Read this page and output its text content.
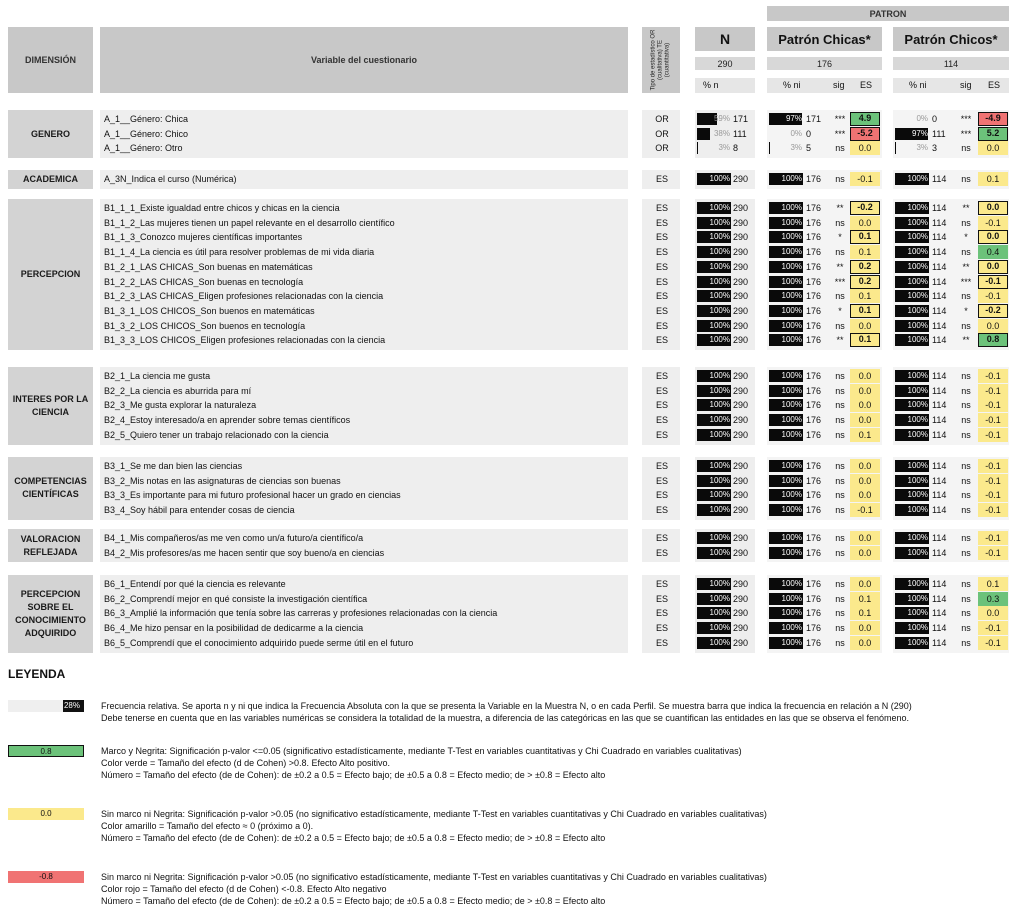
PATRON
DIMENSIÓN	Variable del cuestionario	Tipo de estadístico OR (cualitativa) TE (cuantitativa)
N	Patrón Chicas*	Patrón Chicos*
290	176	114
% n	% ni	sig ES	% ni	sig ES
GENERO
A_1__Género: Chica	OR	59% 171	97% 171	***	4.9	0% 0	***	-4.9
A_1__Género: Chico	OR	38% 111	0% 0	***	-5.2	97% 111	***	5.2
A_1__Género: Otro	OR	3% 8	3% 5	ns	0.0	3% 3	ns	0.0
ACADEMICA	A_3N_Indica el curso (Numérica)	ES	100% 290	100% 176	ns	-0.1	100% 114	ns	0.1
PERCEPCION
B1_1_1_Existe igualdad entre chicos y chicas en la ciencia	ES	100% 290	100% 176	**	-0.2	100% 114	**	0.0
B1_1_2_Las mujeres tienen un papel relevante en el desarrollo científico	ES	100% 290	100% 176	ns	0.0	100% 114	ns	-0.1
B1_1_3_Conozco mujeres científicas importantes	ES	100% 290	100% 176	*	0.1	100% 114	*	0.0
B1_1_4_La ciencia es útil para resolver problemas de mi vida diaria	ES	100% 290	100% 176	ns	0.1	100% 114	ns	0.4
B1_2_1_LAS CHICAS_Son buenas en matemáticas	ES	100% 290	100% 176	**	0.2	100% 114	**	0.0
B1_2_2_LAS CHICAS_Son buenas en tecnología	ES	100% 290	100% 176	***	0.2	100% 114	***	-0.1
B1_2_3_LAS CHICAS_Eligen profesiones relacionadas con la ciencia	ES	100% 290	100% 176	ns	0.1	100% 114	ns	-0.1
B1_3_1_LOS CHICOS_Son buenos en matemáticas	ES	100% 290	100% 176	*	0.1	100% 114	*	-0.2
B1_3_2_LOS CHICOS_Son buenos en tecnología	ES	100% 290	100% 176	ns	0.0	100% 114	ns	0.0
B1_3_3_LOS CHICOS_Eligen profesiones relacionadas con la ciencia	ES	100% 290	100% 176	**	0.1	100% 114	**	0.8
INTERES POR LA CIENCIA
B2_1_La ciencia me gusta	ES	100% 290	100% 176	ns	0.0	100% 114	ns	-0.1
B2_2_La ciencia es aburrida para mí	ES	100% 290	100% 176	ns	0.0	100% 114	ns	-0.1
B2_3_Me gusta explorar la naturaleza	ES	100% 290	100% 176	ns	0.0	100% 114	ns	-0.1
B2_4_Estoy interesado/a en aprender sobre temas científicos	ES	100% 290	100% 176	ns	0.0	100% 114	ns	-0.1
B2_5_Quiero tener un trabajo relacionado con la ciencia	ES	100% 290	100% 176	ns	0.1	100% 114	ns	-0.1
COMPETENCIAS CIENTÍFICAS
B3_1_Se me dan bien las ciencias	ES	100% 290	100% 176	ns	0.0	100% 114	ns	-0.1
B3_2_Mis notas en las asignaturas de ciencias son buenas	ES	100% 290	100% 176	ns	0.0	100% 114	ns	-0.1
B3_3_Es importante para mi futuro profesional hacer un grado en ciencias	ES	100% 290	100% 176	ns	0.0	100% 114	ns	-0.1
B3_4_Soy hábil para entender cosas de ciencia	ES	100% 290	100% 176	ns	-0.1	100% 114	ns	-0.1
VALORACION REFLEJADA
B4_1_Mis compañeros/as me ven como un/a futuro/a científico/a	ES	100% 290	100% 176	ns	0.0	100% 114	ns	-0.1
B4_2_Mis profesores/as me hacen sentir que soy bueno/a en ciencias	ES	100% 290	100% 176	ns	0.0	100% 114	ns	-0.1
PERCEPCION SOBRE EL CONOCIMIENTO ADQUIRIDO
B6_1_Entendí por qué la ciencia es relevante	ES	100% 290	100% 176	ns	0.0	100% 114	ns	0.1
B6_2_Comprendí mejor en qué consiste la investigación científica	ES	100% 290	100% 176	ns	0.1	100% 114	ns	0.3
B6_3_Amplié la información que tenía sobre las carreras y profesiones relacionadas con la ciencia	ES	100% 290	100% 176	ns	0.1	100% 114	ns	0.0
B6_4_Me hizo pensar en la posibilidad de dedicarme a la ciencia	ES	100% 290	100% 176	ns	0.0	100% 114	ns	-0.1
B6_5_Comprendí que el conocimiento adquirido puede serme útil en el futuro	ES	100% 290	100% 176	ns	0.0	100% 114	ns	-0.1
LEYENDA
28%	Frecuencia relativa. Se aporta n y ni que indica la Frecuencia Absoluta con la que se presenta la Variable en la Muestra N, o en cada Perfil. Se muestra barra que indica la frecuencia en relación a N (290)
Debe tenerse en cuenta que en las variables numéricas se considera la totalidad de la muestra, a diferencia de las categóricas en las que se cuantifican las entidades en las que se observa el fenómeno.
0.8	Marco y Negrita: Significación p-valor <=0.05 (significativo estadísticamente, mediante T-Test en variables cuantitativas y Chi Cuadrado en variables cualitativas)
Color verde = Tamaño del efecto (d de Cohen) >0.8. Efecto Alto positivo.
Número = Tamaño del efecto (de de Cohen): de ±0.2 a 0.5 = Efecto bajo; de ±0.5 a 0.8 = Efecto medio; de > ±0.8 = Efecto alto
0.0	Sin marco ni Negrita: Significación p-valor >0.05 (no significativo estadísticamente, mediante T-Test en variables cuantitativas y Chi Cuadrado en variables cualitativas)
Color amarillo = Tamaño del efecto ≈ 0 (próximo a 0).
Número = Tamaño del efecto (de de Cohen): de ±0.2 a 0.5 = Efecto bajo; de ±0.5 a 0.8 = Efecto medio; de > ±0.8 = Efecto alto
-0.8	Sin marco ni Negrita: Significación p-valor >0.05 (no significativo estadísticamente, mediante T-Test en variables cuantitativas y Chi Cuadrado en variables cualitativas)
Color rojo = Tamaño del efecto (d de Cohen) <-0.8. Efecto Alto negativo
Número = Tamaño del efecto (de de Cohen): de ±0.2 a 0.5 = Efecto bajo; de ±0.5 a 0.8 = Efecto medio; de > ±0.8 = Efecto alto
